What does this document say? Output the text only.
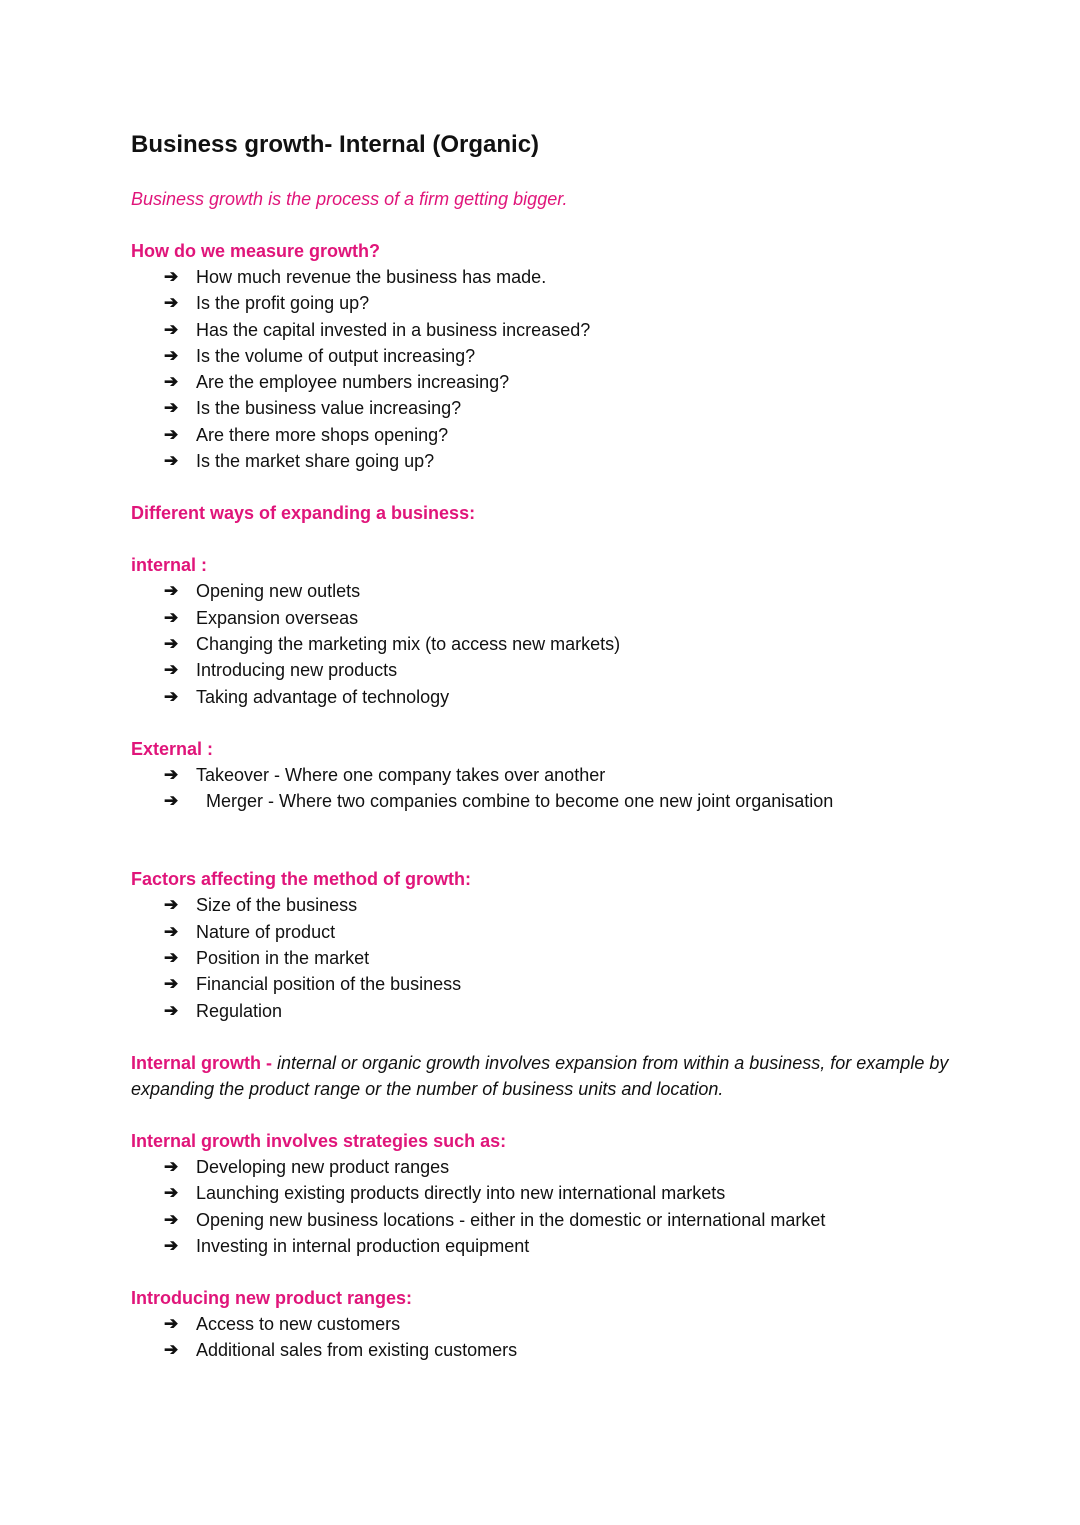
Business growth- Internal (Organic)
Business growth is the process of a firm getting bigger.
How do we measure growth?
➔ How much revenue the business has made.
➔ Is the profit going up?
➔ Has the capital invested in a business increased?
➔ Is the volume of output increasing?
➔ Are the employee numbers increasing?
➔ Is the business value increasing?
➔ Are there more shops opening?
➔ Is the market share going up?
Different ways of expanding a business:
internal :
➔ Opening new outlets
➔ Expansion overseas
➔ Changing the marketing mix (to access new markets)
➔ Introducing new products
➔ Taking advantage of technology
External :
➔ Takeover - Where one company takes over another
➔ Merger - Where two companies combine to become one new joint organisation
Factors affecting the method of growth:
➔ Size of the business
➔ Nature of product
➔ Position in the market
➔ Financial position of the business
➔ Regulation

Internal growth - internal or organic growth involves expansion from within a business, for example by expanding the product range or the number of business units and location.

Internal growth involves strategies such as:
➔ Developing new product ranges
➔ Launching existing products directly into new international markets
➔ Opening new business locations - either in the domestic or international market
➔ Investing in internal production equipment
Introducing new product ranges:
➔ Access to new customers
➔ Additional sales from existing customers
